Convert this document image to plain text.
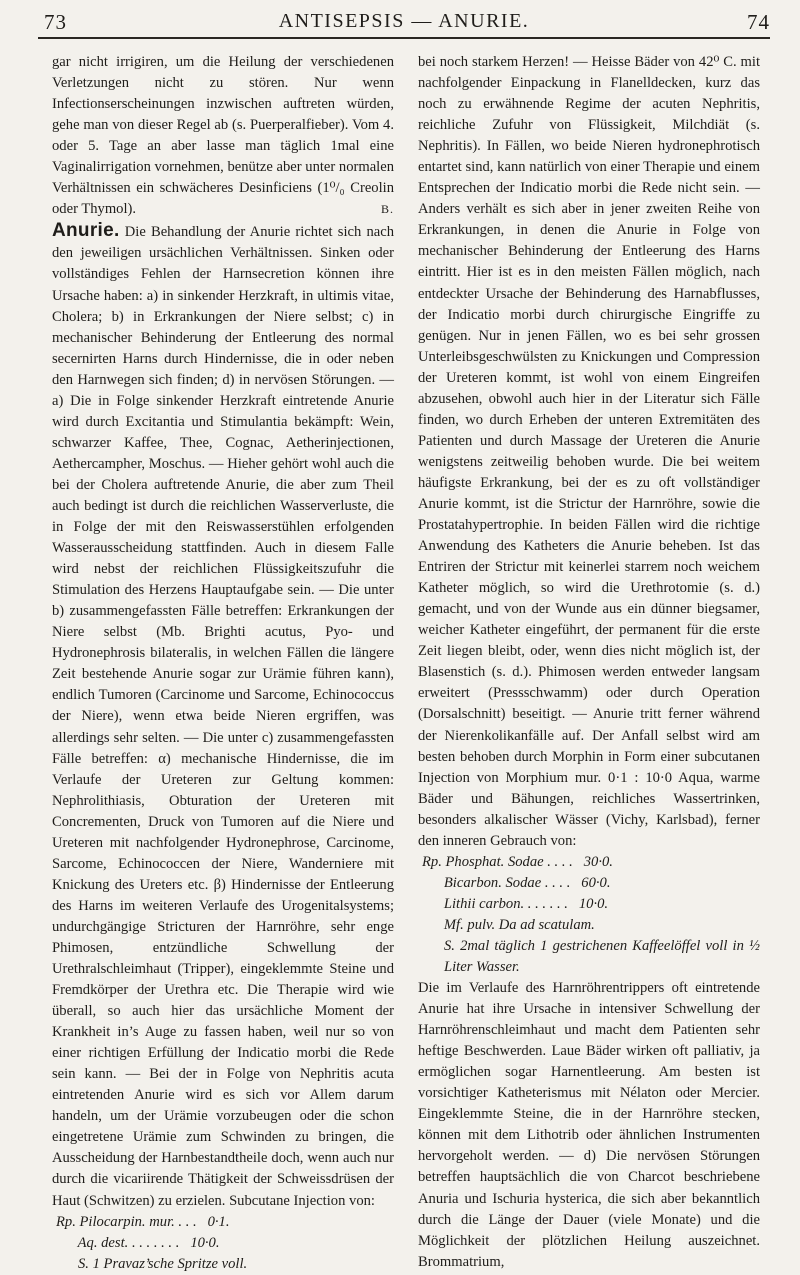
73	ANTISEPSIS — ANURIE.	74

gar nicht irrigiren, um die Heilung der verschiedenen Verletzungen nicht zu stören. Nur wenn Infectionserscheinungen inzwischen auftreten würden, gehe man von dieser Regel ab (s. Puerperalfieber). Vom 4. oder 5. Tage an aber lasse man täglich 1mal eine Vaginalirrigation vornehmen, benütze aber unter normalen Verhältnissen ein schwächeres Desinficiens (1⁰/₀ Creolin oder Thymol).	B.

Anurie. Die Behandlung der Anurie richtet sich nach den jeweiligen ursächlichen Verhältnissen. Sinken oder vollständiges Fehlen der Harnsecretion können ihre Ursache haben: a) in sinkender Herzkraft, in ultimis vitae, Cholera; b) in Erkrankungen der Niere selbst; c) in mechanischer Behinderung der Entleerung des normal secernirten Harns durch Hindernisse, die in oder neben den Harnwegen sich finden; d) in nervösen Störungen. — a) Die in Folge sinkender Herzkraft eintretende Anurie wird durch Excitantia und Stimulantia bekämpft: Wein, schwarzer Kaffee, Thee, Cognac, Aetherinjectionen, Aethercampher, Moschus. — Hieher gehört wohl auch die bei der Cholera auftretende Anurie, die aber zum Theil auch bedingt ist durch die reichlichen Wasserverluste, die in Folge der mit den Reiswasserstühlen erfolgenden Wasserausscheidung stattfinden. Auch in diesem Falle wird nebst der reichlichen Flüssigkeitszufuhr die Stimulation des Herzens Hauptaufgabe sein. — Die unter b) zusammengefassten Fälle betreffen: Erkrankungen der Niere selbst (Mb. Brighti acutus, Pyo- und Hydronephrosis bilateralis, in welchen Fällen die längere Zeit bestehende Anurie sogar zur Urämie führen kann), endlich Tumoren (Carcinome und Sarcome, Echinococcus der Niere), wenn etwa beide Nieren ergriffen, was allerdings sehr selten. — Die unter c) zusammengefassten Fälle betreffen: α) mechanische Hindernisse, die im Verlaufe der Ureteren zur Geltung kommen: Nephrolithiasis, Obturation der Ureteren mit Concrementen, Druck von Tumoren auf die Niere und Ureteren mit nachfolgender Hydronephrose, Carcinome, Sarcome, Echinococcen der Niere, Wanderniere mit Knickung des Ureters etc. β) Hindernisse der Entleerung des Harns im weiteren Verlaufe des Urogenitalsystems; undurchgängige Stricturen der Harnröhre, sehr enge Phimosen, entzündliche Schwellung der Urethralschleimhaut (Tripper), eingeklemmte Steine und Fremdkörper der Urethra etc. Die Therapie wird wie überall, so auch hier das ursächliche Moment der Krankheit in’s Auge zu fassen haben, weil nur so von einer richtigen Erfüllung der Indicatio morbi die Rede sein kann. — Bei der in Folge von Nephritis acuta eintretenden Anurie wird es sich vor Allem darum handeln, um der Urämie vorzubeugen oder die schon eingetretene Urämie zum Schwinden zu bringen, die Ausscheidung der Harnbestandtheile doch, wenn auch nur durch die vicariirende Thätigkeit der Schweissdrüsen der Haut (Schwitzen) zu erzielen. Subcutane Injection von:

Rp. Pilocarpin. mur. . . .   0·1.
Aq. dest. . . . . . . .   10·0.
S. 1 Pravaz’sche Spritze voll.

bei noch starkem Herzen! — Heisse Bäder von 42⁰ C. mit nachfolgender Einpackung in Flanelldecken, kurz das noch zu erwähnende Regime der acuten Nephritis, reichliche Zufuhr von Flüssigkeit, Milchdiät (s. Nephritis). In Fällen, wo beide Nieren hydronephrotisch entartet sind, kann natürlich von einer Therapie und einem Entsprechen der Indicatio morbi die Rede nicht sein. — Anders verhält es sich aber in jener zweiten Reihe von Erkrankungen, in denen die Anurie in Folge von mechanischer Behinderung der Entleerung des Harns eintritt. Hier ist es in den meisten Fällen möglich, nach entdeckter Ursache der Behinderung des Harnabflusses, der Indicatio morbi durch chirurgische Eingriffe zu genügen. Nur in jenen Fällen, wo es bei sehr grossen Unterleibsgeschwülsten zu Knickungen und Compression der Ureteren kommt, ist wohl von einem Eingreifen abzusehen, obwohl auch hier in der Literatur sich Fälle finden, wo durch Erheben der unteren Extremitäten des Patienten und durch Massage der Ureteren die Anurie wenigstens zeitweilig behoben wurde. Die bei weitem häufigste Erkrankung, bei der es zu oft vollständiger Anurie kommt, ist die Strictur der Harnröhre, sowie die Prostatahypertrophie. In beiden Fällen wird die richtige Anwendung des Katheters die Anurie beheben. Ist das Entriren der Strictur mit keinerlei starrem noch weichem Katheter möglich, so wird die Urethrotomie (s. d.) gemacht, und von der Wunde aus ein dünner biegsamer, weicher Katheter eingeführt, der permanent für die erste Zeit liegen bleibt, oder, wenn dies nicht möglich ist, der Blasenstich (s. d.). Phimosen werden entweder langsam erweitert (Pressschwamm) oder durch Operation (Dorsalschnitt) beseitigt. — Anurie tritt ferner während der Nierenkolikanfälle auf. Der Anfall selbst wird am besten behoben durch Morphin in Form einer subcutanen Injection von Morphium mur. 0·1 : 10·0 Aqua, warme Bäder und Bähungen, reichliches Wassertrinken, besonders alkalischer Wässer (Vichy, Karlsbad), ferner den inneren Gebrauch von:

Rp. Phosphat. Sodae . . . .   30·0.
Bicarbon. Sodae . . . .   60·0.
Lithii carbon. . . . . . .   10·0.
Mf. pulv. Da ad scatulam.
S. 2mal täglich 1 gestrichenen Kaffeelöffel voll in ½ Liter Wasser.

Die im Verlaufe des Harnröhrentrippers oft eintretende Anurie hat ihre Ursache in intensiver Schwellung der Harnröhrenschleimhaut und macht dem Patienten sehr heftige Beschwerden. Laue Bäder wirken oft palliativ, ja ermöglichen sogar Harnentleerung. Am besten ist vorsichtiger Katheterismus mit Nélaton oder Mercier. Eingeklemmte Steine, die in der Harnröhre stecken, können mit dem Lithotrib oder ähnlichen Instrumenten hervorgeholt werden. — d) Die nervösen Störungen betreffen hauptsächlich die von Charcot beschriebene Anuria und Ischuria hysterica, die sich aber bekanntlich durch die Länge der Dauer (viele Monate) und die Möglichkeit der plötzlichen Heilung auszeichnet. Brommatrium,
